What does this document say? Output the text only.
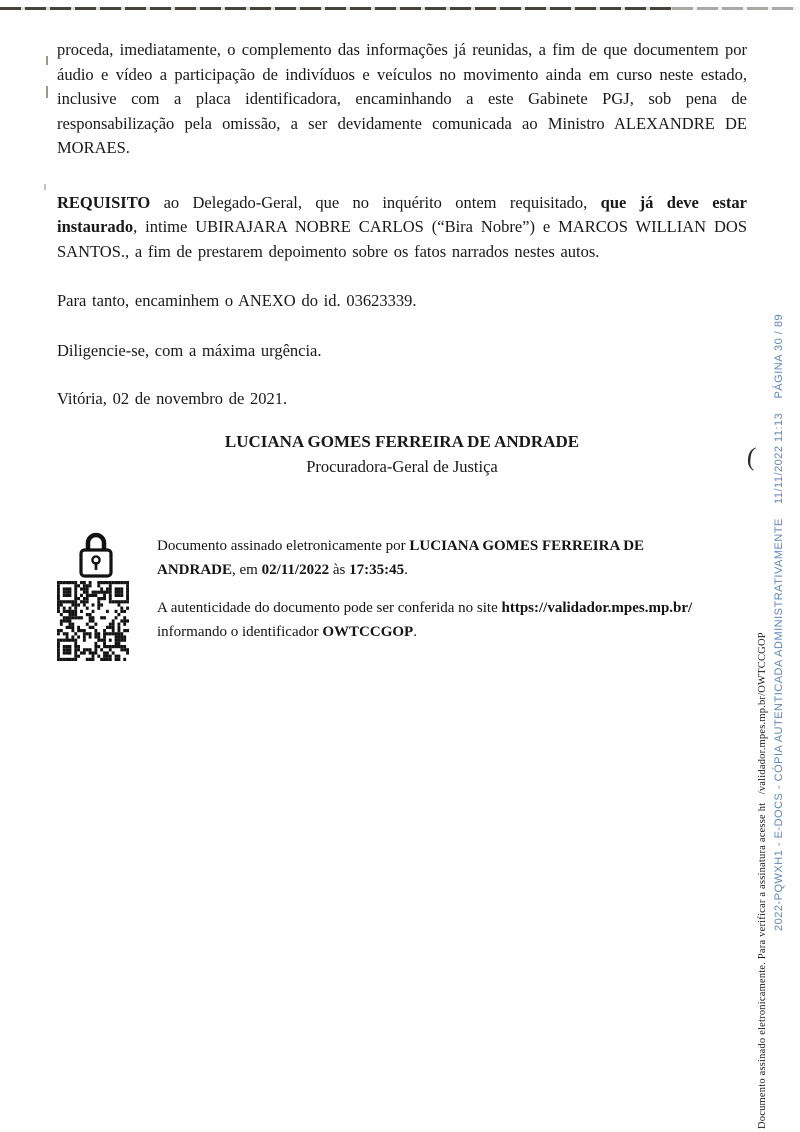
proceda, imediatamente, o complemento das informações já reunidas, a fim de que documentem por áudio e vídeo a participação de indivíduos e veículos no movimento ainda em curso neste estado, inclusive com a placa identificadora, encaminhando a este Gabinete PGJ, sob pena de responsabilização pela omissão, a ser devidamente comunicada ao Ministro ALEXANDRE DE MORAES.

REQUISITO ao Delegado-Geral, que no inquérito ontem requisitado, que já deve estar instaurado, intime UBIRAJARA NOBRE CARLOS (“Bira Nobre”) e MARCOS WILLIAN DOS SANTOS., a fim de prestarem depoimento sobre os fatos narrados nestes autos.

Para tanto, encaminhem o ANEXO do id. 03623339.

Diligencie-se, com a máxima urgência.

Vitória, 02 de novembro de 2021.

LUCIANA GOMES FERREIRA DE ANDRADE
Procuradora-Geral de Justiça
Documento assinado eletronicamente por LUCIANA GOMES FERREIRA DE ANDRADE, em 02/11/2022 às 17:35:45.
A autenticidade do documento pode ser conferida no site https://validador.mpes.mp.br/ informando o identificador OWTCCGOP.
Documento assinado eletronicamente. Para verificar a assinatura acesse ht   /validador.mpes.mp.br/OWTCCGOP 2022-PQWXH1 - E-DOCS - CÓPIA AUTENTICADA ADMINISTRATIVAMENTE    11/11/2022 11:13    PÁGINA 30 / 89
(
